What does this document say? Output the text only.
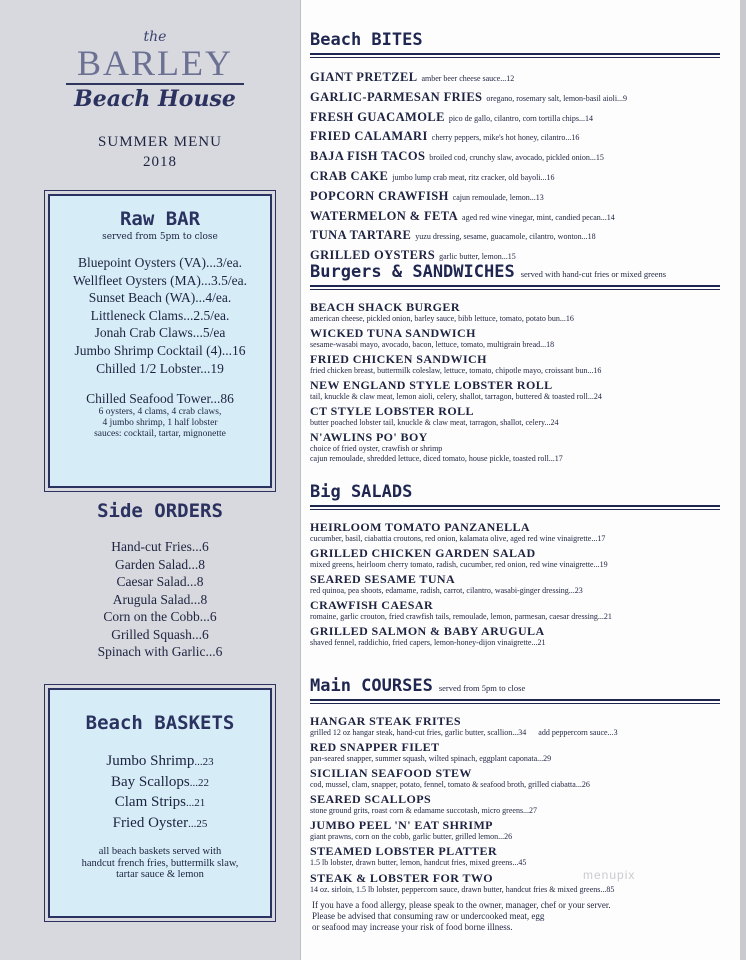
the
BARLEY
Beach House
SUMMER MENU
2018
Raw BAR
served from 5pm to close
Bluepoint Oysters (VA)...3/ea.
Wellfleet Oysters (MA)...3.5/ea.
Sunset Beach (WA)...4/ea.
Littleneck Clams...2.5/ea.
Jonah Crab Claws...5/ea
Jumbo Shrimp Cocktail (4)...16
Chilled 1/2 Lobster...19
Chilled Seafood Tower...86
6 oysters, 4 clams, 4 crab claws,
4 jumbo shrimp, 1 half lobster
sauces: cocktail, tartar, mignonette
Side ORDERS
Hand-cut Fries...6
Garden Salad...8
Caesar Salad...8
Arugula Salad...8
Corn on the Cobb...6
Grilled Squash...6
Spinach with Garlic...6
Beach BASKETS
Jumbo Shrimp...23
Bay Scallops...22
Clam Strips...21
Fried Oyster...25
all beach baskets served with
handcut french fries, buttermilk slaw,
tartar sauce & lemon
Beach BITES
GIANT PRETZEL amber beer cheese sauce...12
GARLIC-PARMESAN FRIES oregano, rosemary salt, lemon-basil aioli...9
FRESH GUACAMOLE pico de gallo, cilantro, corn tortilla chips...14
FRIED CALAMARI cherry peppers, mike's hot honey, cilantro...16
BAJA FISH TACOS broiled cod, crunchy slaw, avocado, pickled onion...15
CRAB CAKE jumbo lump crab meat, ritz cracker, old bayoli...16
POPCORN CRAWFISH cajun remoulade, lemon...13
WATERMELON & FETA aged red wine vinegar, mint, candied pecan...14
TUNA TARTARE yuzu dressing, sesame, guacamole, cilantro, wonton...18
GRILLED OYSTERS garlic butter, lemon...15
Burgers & SANDWICHES served with hand-cut fries or mixed greens
BEACH SHACK BURGER
american cheese, pickled onion, barley sauce, bibb lettuce, tomato, potato bun...16
WICKED TUNA SANDWICH
sesame-wasabi mayo, avocado, bacon, lettuce, tomato, multigrain bread...18
FRIED CHICKEN SANDWICH
fried chicken breast, buttermilk coleslaw, lettuce, tomato, chipotle mayo, croissant bun...16
NEW ENGLAND STYLE LOBSTER ROLL
tail, knuckle & claw meat, lemon aioli, celery, shallot, tarragon, buttered & toasted roll...24
CT STYLE LOBSTER ROLL
butter poached lobster tail, knuckle & claw meat, tarragon, shallot, celery...24
N'AWLINS PO' BOY
choice of fried oyster, crawfish or shrimp
cajun remoulade, shredded lettuce, diced tomato, house pickle, toasted roll...17
Big SALADS
HEIRLOOM TOMATO PANZANELLA
cucumber, basil, ciabattia croutons, red onion, kalamata olive, aged red wine vinaigrette...17
GRILLED CHICKEN GARDEN SALAD
mixed greens, heirloom cherry tomato, radish, cucumber, red onion, red wine vinaigrette...19
SEARED SESAME TUNA
red quinoa, pea shoots, edamame, radish, carrot, cilantro, wasabi-ginger dressing...23
CRAWFISH CAESAR
romaine, garlic crouton, fried crawfish tails, remoulade, lemon, parmesan, caesar dressing...21
GRILLED SALMON & BABY ARUGULA
shaved fennel, raddichio, fried capers, lemon-honey-dijon vinaigrette...21
Main COURSES served from 5pm to close
HANGAR STEAK FRITES
grilled 12 oz hangar steak, hand-cut fries, garlic butter, scallion...34      add peppercorn sauce...3
RED SNAPPER FILET
pan-seared snapper, summer squash, wilted spinach, eggplant caponata...29
SICILIAN SEAFOOD STEW
cod, mussel, clam, snapper, potato, fennel, tomato & seafood broth, grilled ciabatta...26
SEARED SCALLOPS
stone ground grits, roast corn & edamame succotash, micro greens...27
JUMBO PEEL 'N' EAT SHRIMP
giant prawns, corn on the cobb, garlic butter, grilled lemon...26
STEAMED LOBSTER PLATTER
1.5 lb lobster, drawn butter, lemon, handcut fries, mixed greens...45
STEAK & LOBSTER FOR TWO
14 oz. sirloin, 1.5 lb lobster, peppercorn sauce, drawn butter, handcut fries & mixed greens...85
If you have a food allergy, please speak to the owner, manager, chef or your server.
Please be advised that consuming raw or undercooked meat, egg
or seafood may increase your risk of food borne illness.
menupix
